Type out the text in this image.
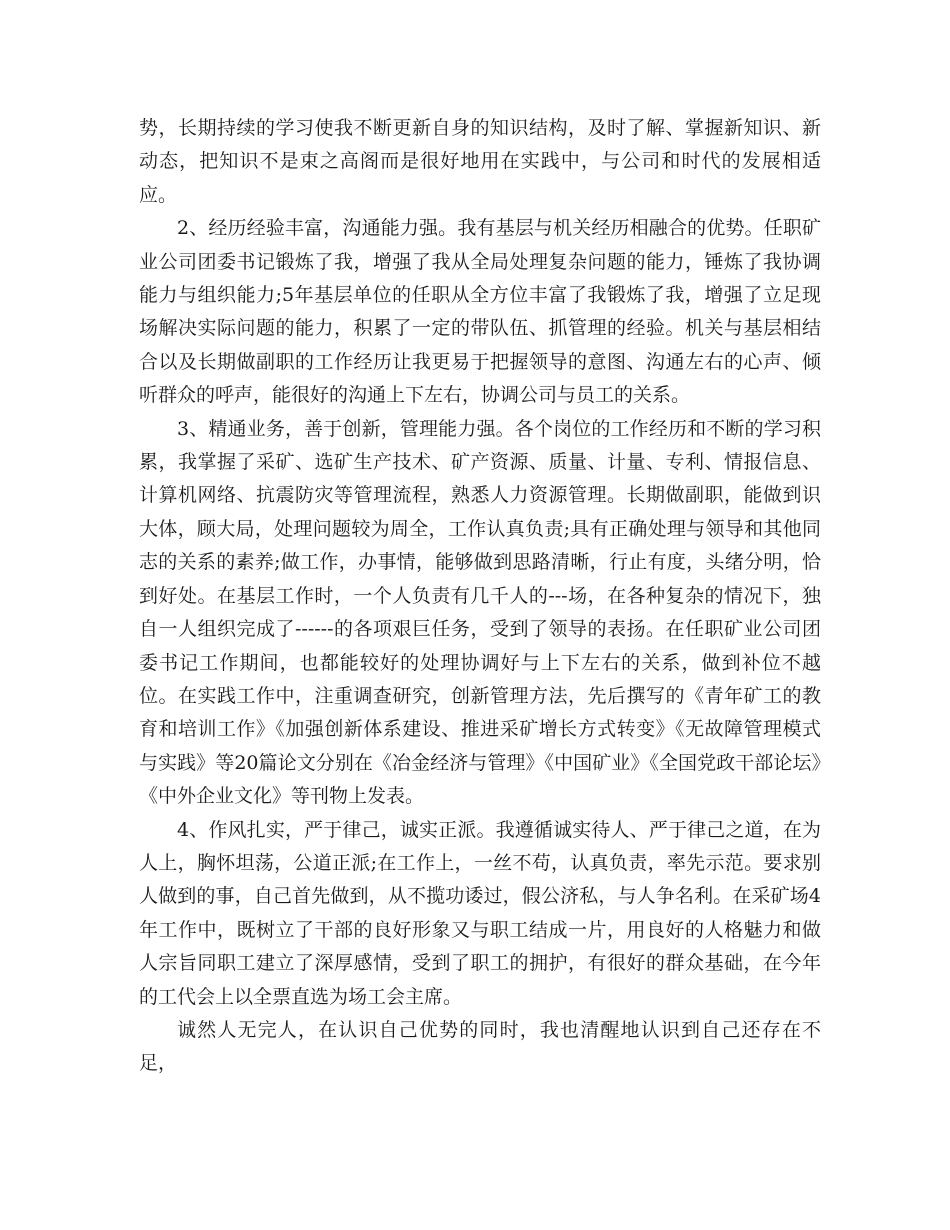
势，长期持续的学习使我不断更新自身的知识结构，及时了解、掌握新知识、新动态，把知识不是束之高阁而是很好地用在实践中，与公司和时代的发展相适应。

2、经历经验丰富，沟通能力强。我有基层与机关经历相融合的优势。任职矿业公司团委书记锻炼了我，增强了我从全局处理复杂问题的能力，锤炼了我协调能力与组织能力;5年基层单位的任职从全方位丰富了我锻炼了我，增强了立足现场解决实际问题的能力，积累了一定的带队伍、抓管理的经验。机关与基层相结合以及长期做副职的工作经历让我更易于把握领导的意图、沟通左右的心声、倾听群众的呼声，能很好的沟通上下左右，协调公司与员工的关系。

3、精通业务，善于创新，管理能力强。各个岗位的工作经历和不断的学习积累，我掌握了采矿、选矿生产技术、矿产资源、质量、计量、专利、情报信息、计算机网络、抗震防灾等管理流程，熟悉人力资源管理。长期做副职，能做到识大体，顾大局，处理问题较为周全，工作认真负责;具有正确处理与领导和其他同志的关系的素养;做工作，办事情，能够做到思路清晰，行止有度，头绪分明，恰到好处。在基层工作时，一个人负责有几千人的---场，在各种复杂的情况下，独自一人组织完成了------的各项艰巨任务，受到了领导的表扬。在任职矿业公司团委书记工作期间，也都能较好的处理协调好与上下左右的关系，做到补位不越位。在实践工作中，注重调查研究，创新管理方法，先后撰写的《青年矿工的教育和培训工作》《加强创新体系建设、推进采矿增长方式转变》《无故障管理模式与实践》等20篇论文分别在《冶金经济与管理》《中国矿业》《全国党政干部论坛》《中外企业文化》等刊物上发表。

4、作风扎实，严于律己，诚实正派。我遵循诚实待人、严于律己之道，在为人上，胸怀坦荡，公道正派;在工作上，一丝不苟，认真负责，率先示范。要求别人做到的事，自己首先做到，从不揽功诿过，假公济私，与人争名利。在采矿场4年工作中，既树立了干部的良好形象又与职工结成一片，用良好的人格魅力和做人宗旨同职工建立了深厚感情，受到了职工的拥护，有很好的群众基础，在今年的工代会上以全票直选为场工会主席。

诚然人无完人，在认识自己优势的同时，我也清醒地认识到自己还存在不足，
